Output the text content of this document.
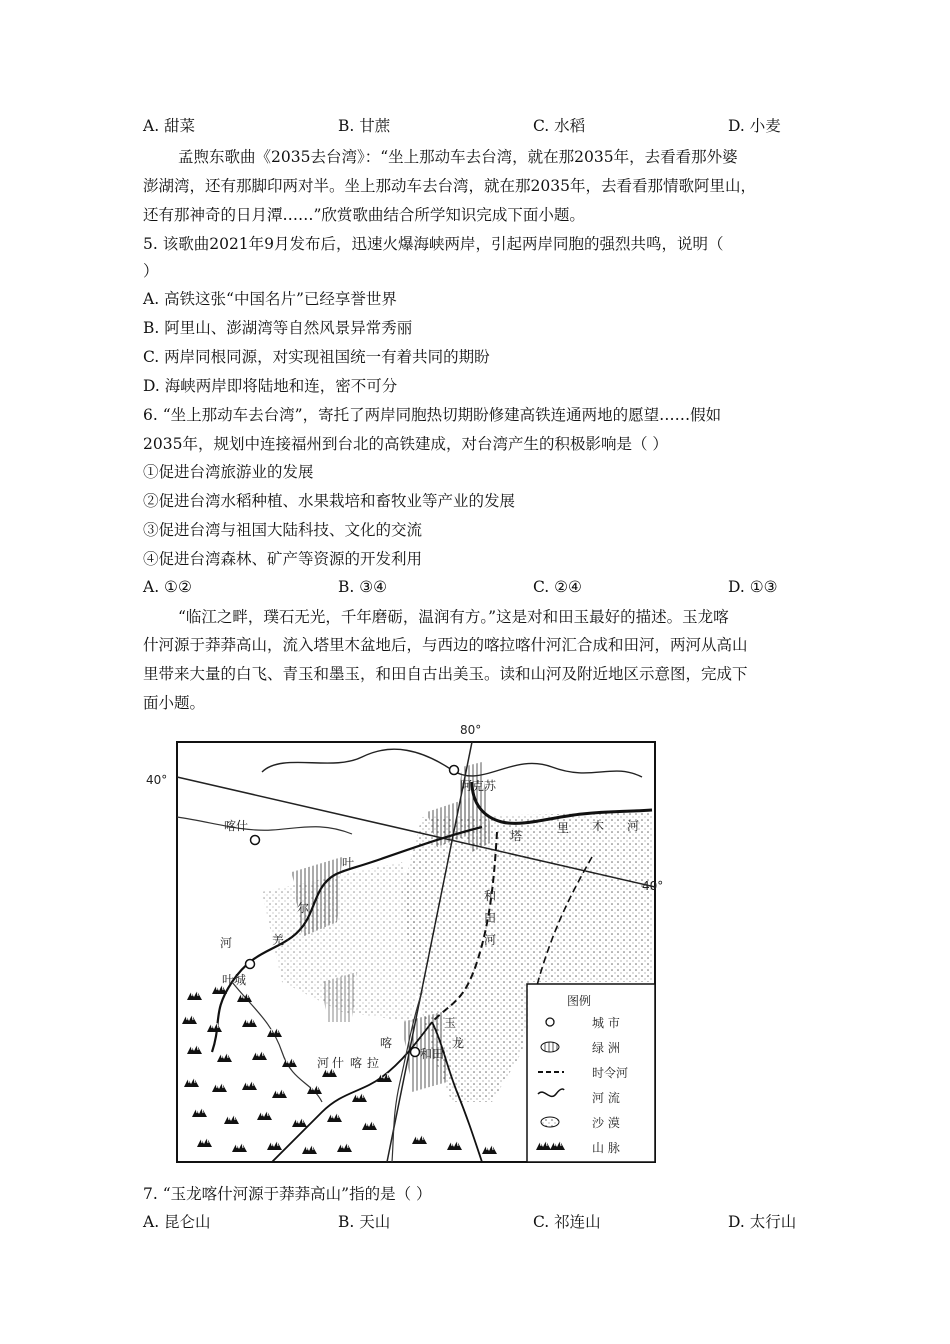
A. 甜菜	B. 甘蔗	C. 水稻	D. 小麦
孟煦东歌曲《2035去台湾》：“坐上那动车去台湾，就在那2035年，去看看那外婆
澎湖湾，还有那脚印两对半。坐上那动车去台湾，就在那2035年，去看看那情歌阿里山，
还有那神奇的日月潭……”欣赏歌曲结合所学知识完成下面小题。
5. 该歌曲2021年9月发布后，迅速火爆海峡两岸，引起两岸同胞的强烈共鸣，说明（
）
A. 高铁这张“中国名片”已经享誉世界
B. 阿里山、澎湖湾等自然风景异常秀丽
C. 两岸同根同源，对实现祖国统一有着共同的期盼
D. 海峡两岸即将陆地和连，密不可分
6. “坐上那动车去台湾”，寄托了两岸同胞热切期盼修建高铁连通两地的愿望……假如
2035年，规划中连接福州到台北的高铁建成，对台湾产生的积极影响是（ ）
①促进台湾旅游业的发展
②促进台湾水稻种植、水果栽培和畜牧业等产业的发展
③促进台湾与祖国大陆科技、文化的交流
④促进台湾森林、矿产等资源的开发利用
A. ①②	B. ③④	C. ②④	D. ①③
“临江之畔，璞石无光，千年磨砺，温润有方。”这是对和田玉最好的描述。玉龙喀
什河源于莽莽高山，流入塔里木盆地后，与西边的喀拉喀什河汇合成和田河，两河从高山
里带来大量的白飞、青玉和墨玉，和田自古出美玉。读和山河及附近地区示意图，完成下
面小题。
80°
40°
40°
阿克苏
喀什
叶城
和田
塔
里 木 河
叶
尔
羌
河
和
田
河
喀
拉
喀
什
河
玉
龙
图例
城 市
绿 洲
时令河
河 流
沙 漠
山 脉
7. “玉龙喀什河源于莽莽高山”指的是（ ）
A. 昆仑山	B. 天山	C. 祁连山	D. 太行山
